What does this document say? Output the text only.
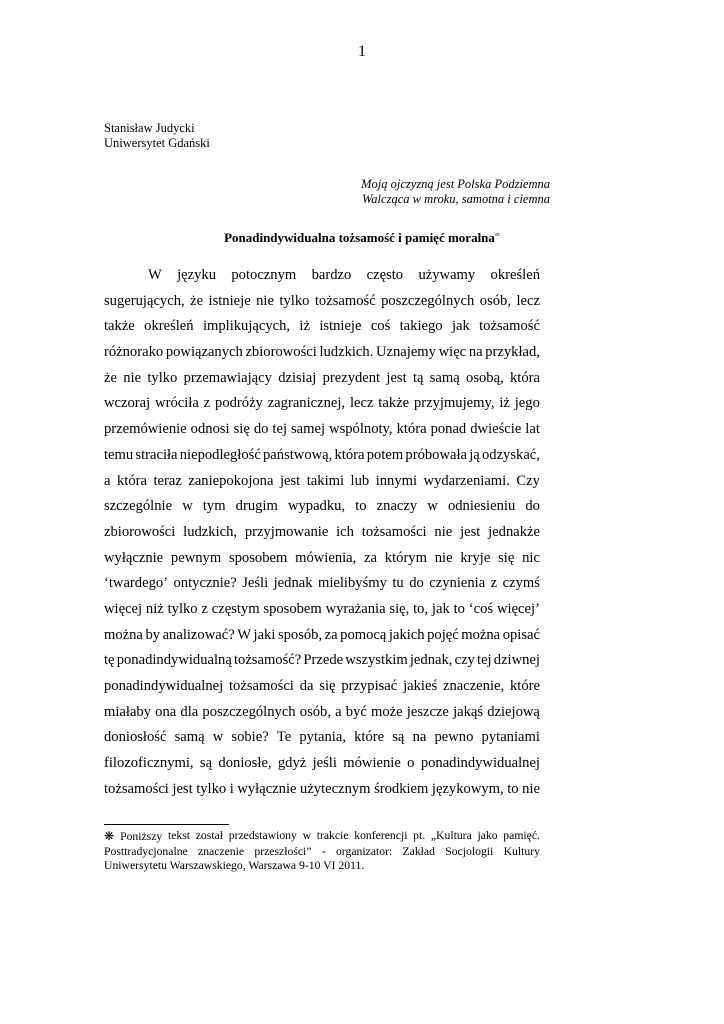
1
Stanisław Judycki
Uniwersytet Gdański
Moją ojczyzną jest Polska Podziemna
Walcząca w mroku, samotna i ciemna
Ponadindywidualna tożsamość i pamięć moralna∞
W języku potocznym bardzo często używamy określeń
sugerujących, że istnieje nie tylko tożsamość poszczególnych osób, lecz
także określeń implikujących, iż istnieje coś takiego jak tożsamość
różnorako powiązanych zbiorowości ludzkich. Uznajemy więc na przykład,
że nie tylko przemawiający dzisiaj prezydent jest tą samą osobą, która
wczoraj wróciła z podróży zagranicznej, lecz także przyjmujemy, iż jego
przemówienie odnosi się do tej samej wspólnoty, która ponad dwieście lat
temu straciła niepodległość państwową, która potem próbowała ją odzyskać,
a która teraz zaniepokojona jest takimi lub innymi wydarzeniami. Czy
szczególnie w tym drugim wypadku, to znaczy w odniesieniu do
zbiorowości ludzkich, przyjmowanie ich tożsamości nie jest jednakże
wyłącznie pewnym sposobem mówienia, za którym nie kryje się nic
‘twardego’ ontycznie? Jeśli jednak mielibyśmy tu do czynienia z czymś
więcej niż tylko z częstym sposobem wyrażania się, to, jak to ‘coś więcej’
można by analizować? W jaki sposób, za pomocą jakich pojęć można opisać
tę ponadindywidualną tożsamość? Przede wszystkim jednak, czy tej dziwnej
ponadindywidualnej tożsamości da się przypisać jakieś znaczenie, które
miałaby ona dla poszczególnych osób, a być może jeszcze jakąś dziejową
doniosłość samą w sobie? Te pytania, które są na pewno pytaniami
filozoficznymi, są doniosłe, gdyż jeśli mówienie o ponadindywidualnej
tożsamości jest tylko i wyłącznie użytecznym środkiem językowym, to nie
❋ Poniższy tekst został przedstawiony w trakcie konferencji pt. „Kultura jako pamięć.
Posttradycjonalne znaczenie przeszłości” - organizator: Zakład Socjologii Kultury
Uniwersytetu Warszawskiego, Warszawa 9-10 VI 2011.
